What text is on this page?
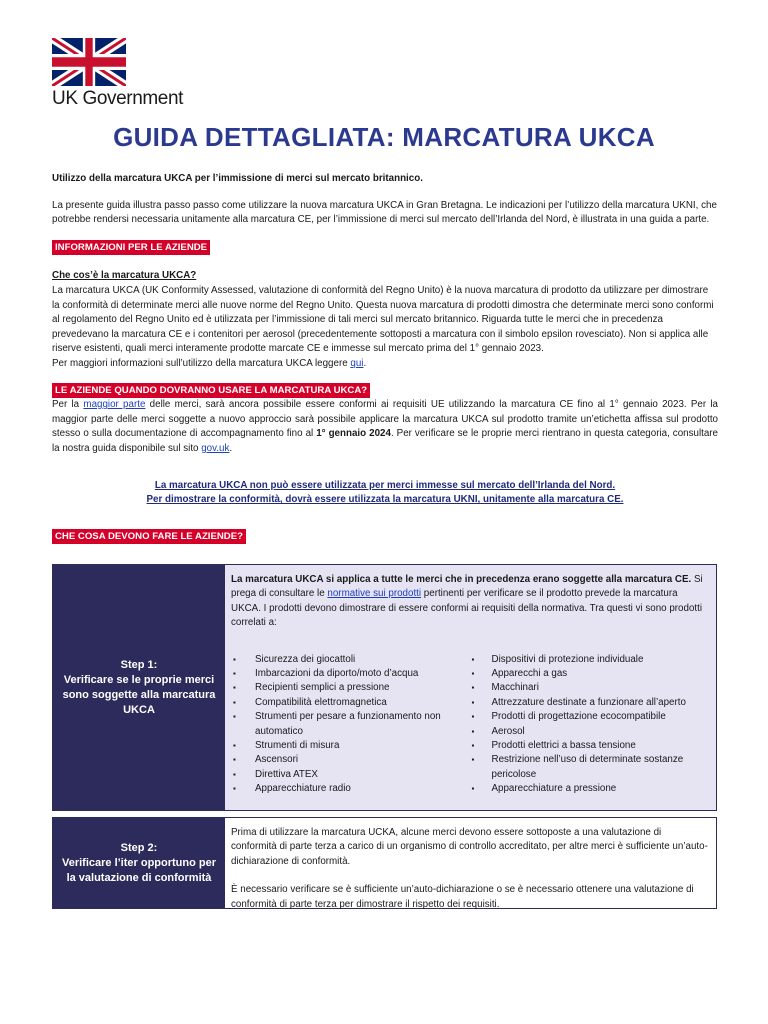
UK Government
GUIDA DETTAGLIATA: MARCATURA UKCA

Utilizzo della marcatura UKCA per l’immissione di merci sul mercato britannico.

La presente guida illustra passo passo come utilizzare la nuova marcatura UKCA in Gran Bretagna. Le indicazioni per l’utilizzo della marcatura UKNI, che potrebbe rendersi necessaria unitamente alla marcatura CE, per l’immissione di merci sul mercato dell’Irlanda del Nord, è illustrata in una guida a parte.

INFORMAZIONI PER LE AZIENDE

Che cos’è la marcatura UKCA?

La marcatura UKCA (UK Conformity Assessed, valutazione di conformità del Regno Unito) è la nuova marcatura di prodotto da utilizzare per dimostrare la conformità di determinate merci alle nuove norme del Regno Unito. Questa nuova marcatura di prodotti dimostra che determinate merci sono conformi al regolamento del Regno Unito ed è utilizzata per l’immissione di tali merci sul mercato britannico. Riguarda tutte le merci che in precedenza prevedevano la marcatura CE e i contenitori per aerosol (precedentemente sottoposti a marcatura con il simbolo epsilon rovesciato). Non si applica alle riserve esistenti, quali merci interamente prodotte marcate CE e immesse sul mercato prima del 1° gennaio 2023.

Per maggiori informazioni sull’utilizzo della marcatura UKCA leggere qui.

LE AZIENDE QUANDO DOVRANNO USARE LA MARCATURA UKCA?

Per la maggior parte delle merci, sarà ancora possibile essere conformi ai requisiti UE utilizzando la marcatura CE fino al 1° gennaio 2023. Per la maggior parte delle merci soggette a nuovo approccio sarà possibile applicare la marcatura UKCA sul prodotto tramite un’etichetta affissa sul prodotto stesso o sulla documentazione di accompagnamento fino al 1° gennaio 2024. Per verificare se le proprie merci rientrano in questa categoria, consultare la nostra guida disponibile sul sito gov.uk.

La marcatura UKCA non può essere utilizzata per merci immesse sul mercato dell’Irlanda del Nord.

Per dimostrare la conformità, dovrà essere utilizzata la marcatura UKNI, unitamente alla marcatura CE.

CHE COSA DEVONO FARE LE AZIENDE?
Step 1:
Verificare se le proprie merci sono soggette alla marcatura UKCA

La marcatura UKCA si applica a tutte le merci che in precedenza erano soggette alla marcatura CE. Si prega di consultare le normative sui prodotti pertinenti per verificare se il prodotto prevede la marcatura UKCA. I prodotti devono dimostrare di essere conformi ai requisiti della normativa. Tra questi vi sono prodotti correlati a:

▪ Sicurezza dei giocattoli
▪ Imbarcazioni da diporto/moto d’acqua
▪ Recipienti semplici a pressione
▪ Compatibilità elettromagnetica
▪ Strumenti per pesare a funzionamento non automatico
▪ Strumenti di misura
▪ Ascensori
▪ Direttiva ATEX
▪ Apparecchiature radio
▪ Dispositivi di protezione individuale
▪ Apparecchi a gas
▪ Macchinari
▪ Attrezzature destinate a funzionare all’aperto
▪ Prodotti di progettazione ecocompatibile
▪ Aerosol
▪ Prodotti elettrici a bassa tensione
▪ Restrizione nell’uso di determinate sostanze pericolose
▪ Apparecchiature a pressione
Step 2:
Verificare l’iter opportuno per la valutazione di conformità

Prima di utilizzare la marcatura UCKA, alcune merci devono essere sottoposte a una valutazione di conformità di parte terza a carico di un organismo di controllo accreditato, per altre merci è sufficiente un’auto-dichiarazione di conformità.

È necessario verificare se è sufficiente un’auto-dichiarazione o se è necessario ottenere una valutazione di conformità di parte terza per dimostrare il rispetto dei requisiti.
